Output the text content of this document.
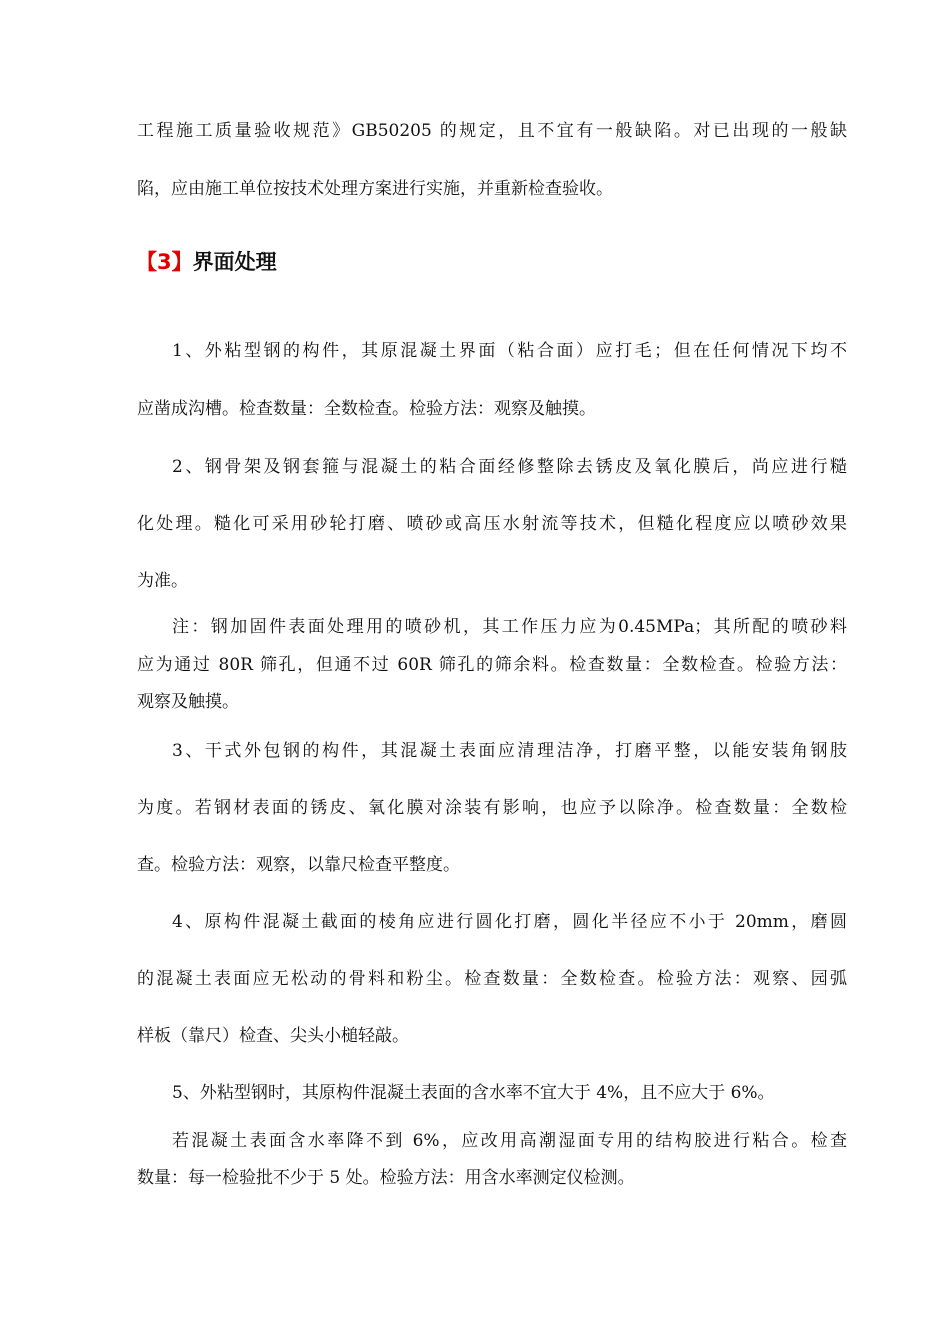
工程施工质量验收规范》GB50205 的规定，且不宜有一般缺陷。对已出现的一般缺
陷，应由施工单位按技术处理方案进行实施，并重新检查验收。
【3】界面处理
1、外粘型钢的构件，其原混凝土界面（粘合面）应打毛；但在任何情况下均不
应凿成沟槽。检查数量：全数检查。检验方法：观察及触摸。
2、钢骨架及钢套箍与混凝土的粘合面经修整除去锈皮及氧化膜后，尚应进行糙
化处理。糙化可采用砂轮打磨、喷砂或高压水射流等技术，但糙化程度应以喷砂效果
为准。
注：钢加固件表面处理用的喷砂机，其工作压力应为0.45MPa；其所配的喷砂料
应为通过 80R 筛孔，但通不过 60R 筛孔的筛余料。检查数量：全数检查。检验方法：
观察及触摸。
3、干式外包钢的构件，其混凝土表面应清理洁净，打磨平整，以能安装角钢肢
为度。若钢材表面的锈皮、氧化膜对涂装有影响，也应予以除净。检查数量：全数检
查。检验方法：观察，以靠尺检查平整度。
4、原构件混凝土截面的棱角应进行圆化打磨，圆化半径应不小于 20mm，磨圆
的混凝土表面应无松动的骨料和粉尘。检查数量：全数检查。检验方法：观察、园弧
样板（靠尺）检查、尖头小槌轻敲。
5、外粘型钢时，其原构件混凝土表面的含水率不宜大于 4%，且不应大于 6%。
若混凝土表面含水率降不到 6%，应改用高潮湿面专用的结构胶进行粘合。检查
数量：每一检验批不少于 5 处。检验方法：用含水率测定仪检测。
